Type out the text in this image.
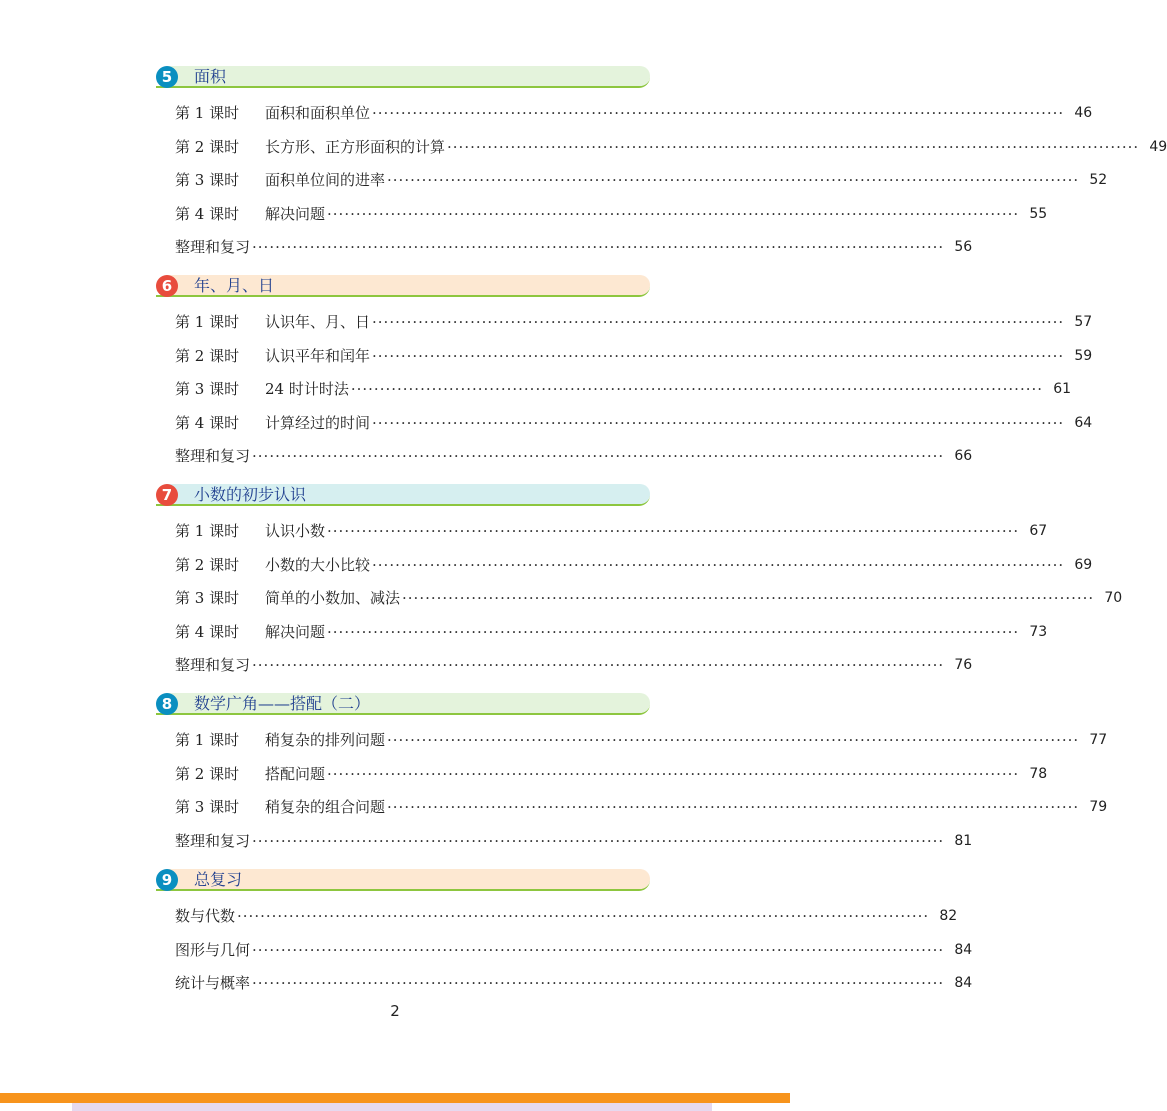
5	面积
第 1 课时	面积和面积单位 ························································································································ 46
第 2 课时	长方形、正方形面积的计算 ························································································································ 49
第 3 课时	面积单位间的进率 ························································································································ 52
第 4 课时	解决问题 ························································································································ 55
整理和复习 ························································································································ 56
6	年、月、日
第 1 课时	认识年、月、日 ························································································································ 57
第 2 课时	认识平年和闰年 ························································································································ 59
第 3 课时	24 时计时法 ························································································································ 61
第 4 课时	计算经过的时间 ························································································································ 64
整理和复习 ························································································································ 66
7	小数的初步认识
第 1 课时	认识小数 ························································································································ 67
第 2 课时	小数的大小比较 ························································································································ 69
第 3 课时	简单的小数加、减法 ························································································································ 70
第 4 课时	解决问题 ························································································································ 73
整理和复习 ························································································································ 76
8	数学广角——搭配（二）
第 1 课时	稍复杂的排列问题 ························································································································ 77
第 2 课时	搭配问题 ························································································································ 78
第 3 课时	稍复杂的组合问题 ························································································································ 79
整理和复习 ························································································································ 81
9	总复习
数与代数 ························································································································ 82
图形与几何 ························································································································ 84
统计与概率 ························································································································ 84
2
